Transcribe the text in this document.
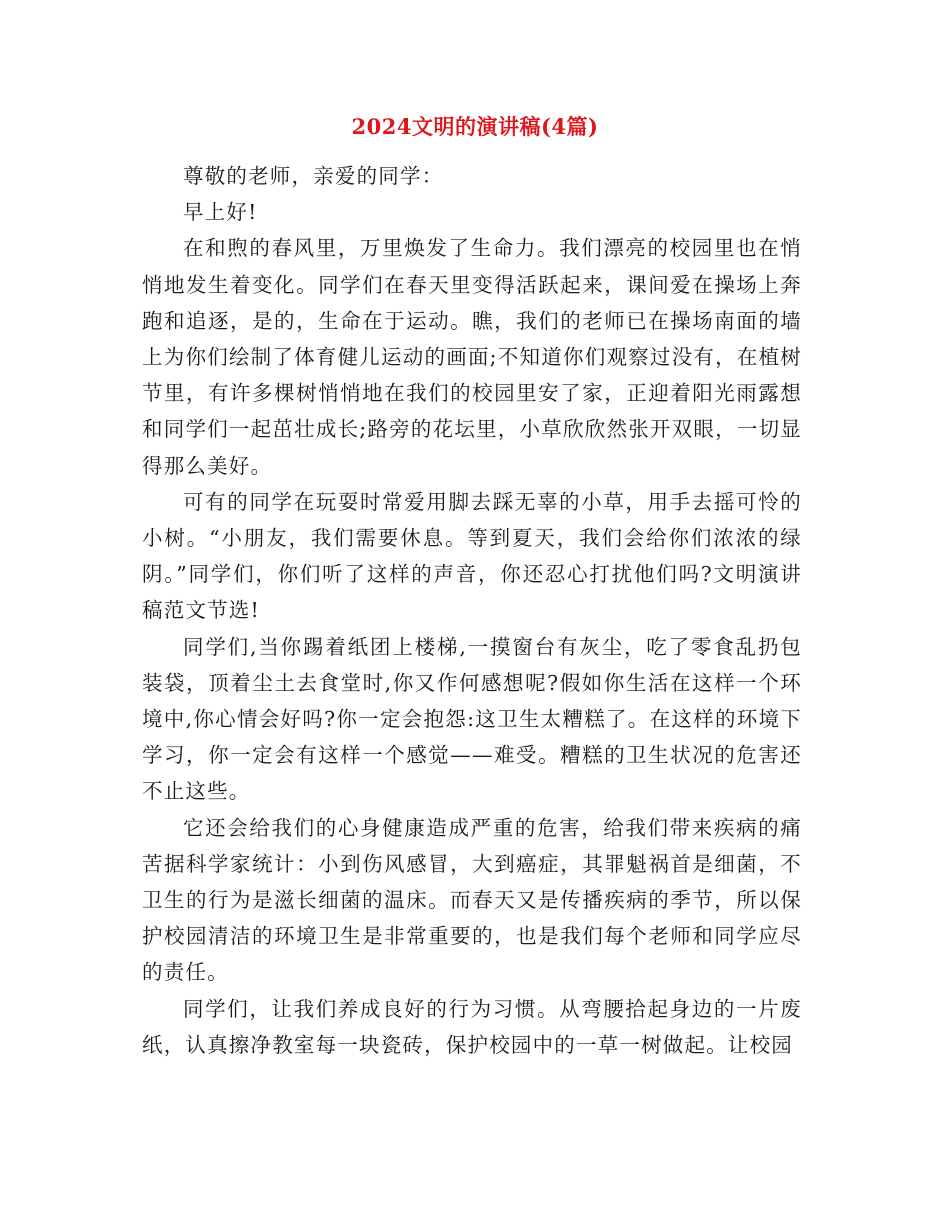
2024文明的演讲稿(4篇)

尊敬的老师，亲爱的同学：

早上好!

在和煦的春风里，万里焕发了生命力。我们漂亮的校园里也在悄悄地发生着变化。同学们在春天里变得活跃起来，课间爱在操场上奔跑和追逐，是的，生命在于运动。瞧，我们的老师已在操场南面的墙上为你们绘制了体育健儿运动的画面;不知道你们观察过没有，在植树节里，有许多棵树悄悄地在我们的校园里安了家，正迎着阳光雨露想和同学们一起茁壮成长;路旁的花坛里，小草欣欣然张开双眼，一切显得那么美好。

可有的同学在玩耍时常爱用脚去踩无辜的小草，用手去摇可怜的小树。“小朋友，我们需要休息。等到夏天，我们会给你们浓浓的绿阴。”同学们，你们听了这样的声音，你还忍心打扰他们吗?文明演讲稿范文节选!

同学们,当你踢着纸团上楼梯,一摸窗台有灰尘，吃了零食乱扔包装袋，顶着尘土去食堂时,你又作何感想呢?假如你生活在这样一个环境中,你心情会好吗?你一定会抱怨:这卫生太糟糕了。在这样的环境下学习，你一定会有这样一个感觉——难受。糟糕的卫生状况的危害还不止这些。

它还会给我们的心身健康造成严重的危害，给我们带来疾病的痛苦据科学家统计：小到伤风感冒，大到癌症，其罪魁祸首是细菌，不卫生的行为是滋长细菌的温床。而春天又是传播疾病的季节，所以保护校园清洁的环境卫生是非常重要的，也是我们每个老师和同学应尽的责任。

同学们，让我们养成良好的行为习惯。从弯腰拾起身边的一片废纸，认真擦净教室每一块瓷砖，保护校园中的一草一树做起。让校园
